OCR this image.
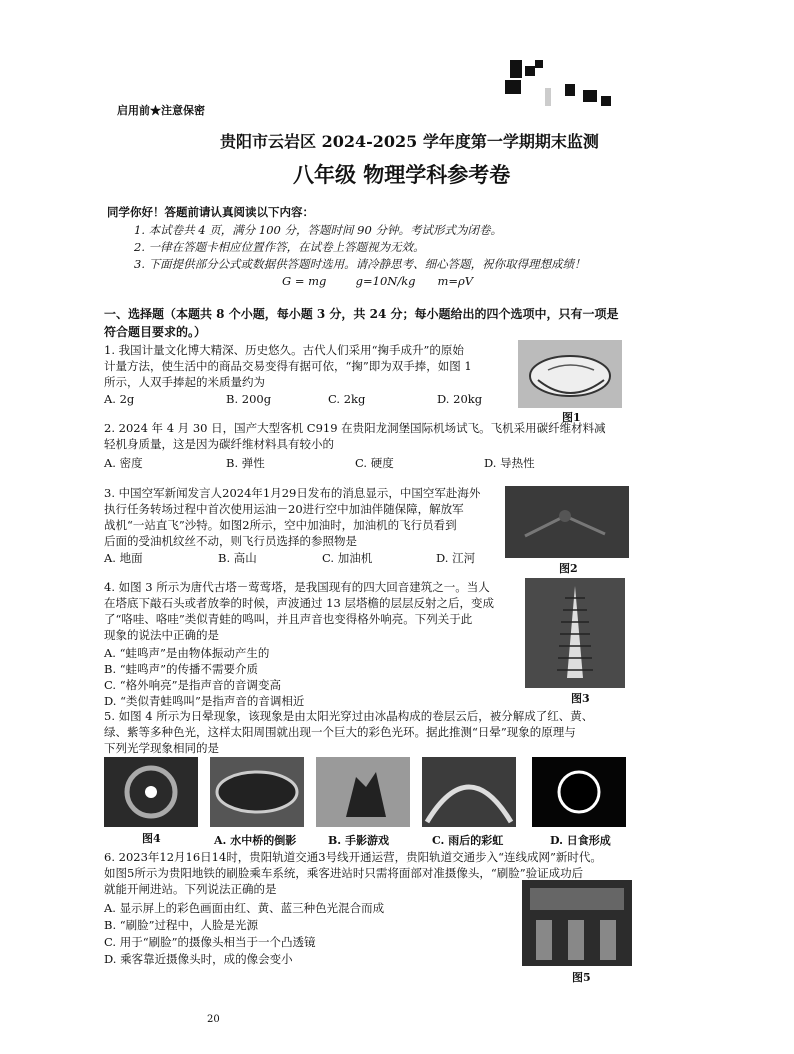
启用前★注意保密
贵阳市云岩区 2024-2025 学年度第一学期期末监测
八年级 物理学科参考卷
同学你好！答题前请认真阅读以下内容：
1. 本试卷共 4 页，满分 100 分，答题时间 90 分钟。考试形式为闭卷。
2. 一律在答题卡相应位置作答，在试卷上答题视为无效。
3. 下面提供部分公式或数据供答题时选用。请冷静思考、细心答题，祝你取得理想成绩！
G = mg        g=10N/kg      m=ρV
一、选择题（本题共 8 个小题，每小题 3 分，共 24 分；每小题给出的四个选项中，只有一项是
符合题目要求的。）
1. 我国计量文化博大精深、历史悠久。古代人们采用“掬手成升”的原始
计量方法，使生活中的商品交易变得有据可依，“掬”即为双手捧，如图 1
所示，人双手捧起的米质量约为
A. 2g	B. 200g	C. 2kg	D. 20kg
图1
2. 2024 年 4 月 30 日，国产大型客机 C919 在贵阳龙洞堡国际机场试飞。飞机采用碳纤维材料减
轻机身质量，这是因为碳纤维材料具有较小的
A. 密度	B. 弹性	C. 硬度	D. 导热性
3. 中国空军新闻发言人2024年1月29日发布的消息显示，中国空军赴海外
执行任务转场过程中首次使用运油－20进行空中加油伴随保障，解放军
战机“一站直飞”沙特。如图2所示，空中加油时，加油机的飞行员看到
后面的受油机纹丝不动，则飞行员选择的参照物是
A. 地面	B. 高山	C. 加油机	D. 江河
图2
4. 如图 3 所示为唐代古塔－莺莺塔，是我国现有的四大回音建筑之一。当人
在塔底下敲石头或者放拳的时候，声波通过 13 层塔檐的层层反射之后，变成
了“咯哇、咯哇”类似青蛙的鸣叫，并且声音也变得格外响亮。下列关于此
现象的说法中正确的是
A. “蛙鸣声”是由物体振动产生的
B. “蛙鸣声”的传播不需要介质
C. “格外响亮”是指声音的音调变高
D. “类似青蛙鸣叫”是指声音的音调相近	图3
5. 如图 4 所示为日晕现象，该现象是由太阳光穿过由冰晶构成的卷层云后，被分解成了红、黄、
绿、紫等多种色光，这样太阳周围就出现一个巨大的彩色光环。据此推测“日晕”现象的原理与
下列光学现象相同的是
图4	A. 水中桥的倒影	B. 手影游戏	C. 雨后的彩虹	D. 日食形成
6. 2023年12月16日14时，贵阳轨道交通3号线开通运营，贵阳轨道交通步入“连线成网”新时代。
如图5所示为贵阳地铁的刷脸乘车系统，乘客进站时只需将面部对准摄像头，“刷脸”验证成功后
就能开闸进站。下列说法正确的是
A. 显示屏上的彩色画面由红、黄、蓝三种色光混合而成
B. “刷脸”过程中，人脸是光源
C. 用于“刷脸”的摄像头相当于一个凸透镜
D. 乘客靠近摄像头时，成的像会变小
图5
20
